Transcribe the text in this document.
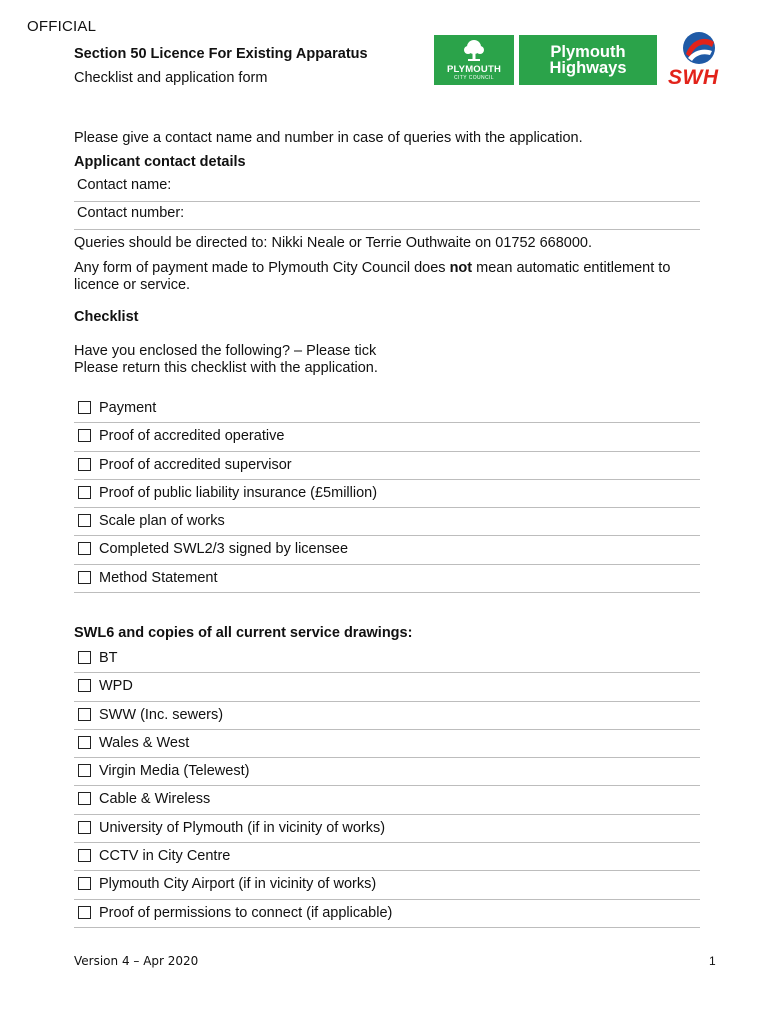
OFFICIAL
Section 50 Licence For Existing Apparatus
Checklist and application form
PLYMOUTH
CITY COUNCIL
Plymouth
Highways	SWH
Please give a contact name and number in case of queries with the application.
Applicant contact details
Contact name:
Contact number:
Queries should be directed to: Nikki Neale or Terrie Outhwaite on 01752 668000.
Any form of payment made to Plymouth City Council does not mean automatic entitlement to licence or service.
Checklist
Have you enclosed the following? – Please tick
Please return this checklist with the application.
Payment
Proof of accredited operative
Proof of accredited supervisor
Proof of public liability insurance (£5million)
Scale plan of works
Completed SWL2/3 signed by licensee
Method Statement
SWL6 and copies of all current service drawings:
BT
WPD
SWW (Inc. sewers)
Wales & West
Virgin Media (Telewest)
Cable & Wireless
University of Plymouth (if in vicinity of works)
CCTV in City Centre
Plymouth City Airport (if in vicinity of works)
Proof of permissions to connect (if applicable)
Version 4 – Apr 2020	1
